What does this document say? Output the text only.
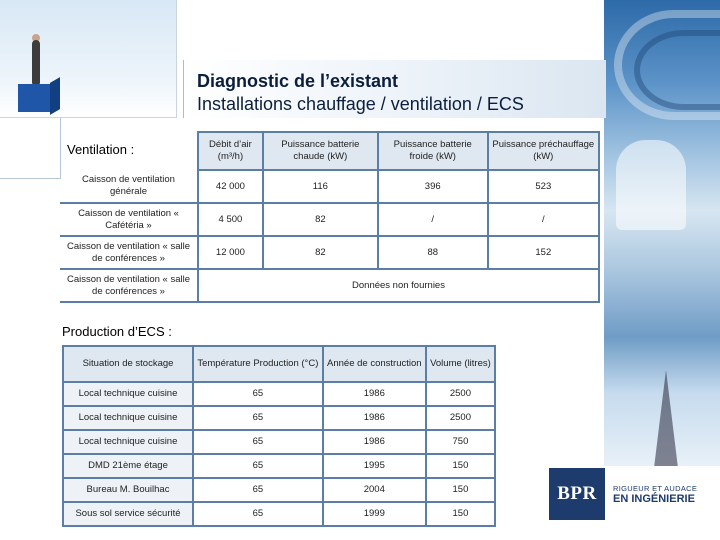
Diagnostic de l’existant
Installations chauffage / ventilation / ECS
Ventilation :
		Débit d’air (m³/h)	Puissance batterie chaude (kW)	Puissance batterie froide (kW)	Puissance préchauffage (kW)
Caisson de ventilation générale	42 000	116	396	523
Caisson de ventilation « Cafétéria »	4 500	82	/	/
Caisson de ventilation « salle de conférences »	12 000	82	88	152
Caisson de ventilation « salle de conférences »	Données non fournies			
Production d’ECS :
Situation de stockage	Température Production (°C)	Année de construction	Volume (litres)
Local technique cuisine	65	1986	2500
Local technique cuisine	65	1986	2500
Local technique cuisine	65	1986	750
DMD 21ème étage	65	1995	150
Bureau M. Bouilhac	65	2004	150
Sous sol service sécurité	65	1999	150
BPR	RIGUEUR ET AUDACE
EN INGÉNIERIE
